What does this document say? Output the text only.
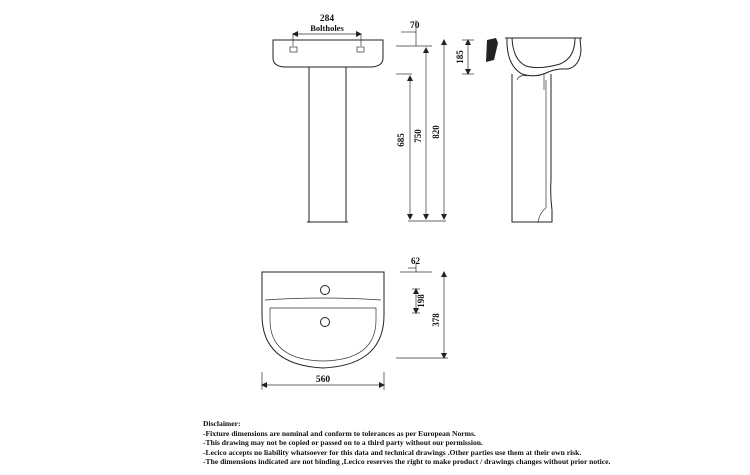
284
Boltholes	70
685 750 820
185
560
62
198
378
Disclaimer:
-Fixture dimensions are nominal and conform to tolerances as per European Norms.
-This drawing may not be copied or passed on to a third party without our permission.
-Lecico accepts no liability whatsoever for this data and technical drawings .Other parties use them at their own risk.
-The dimensions indicated are not binding ,Lecico reserves the right to make product / drawings changes without prior notice.
